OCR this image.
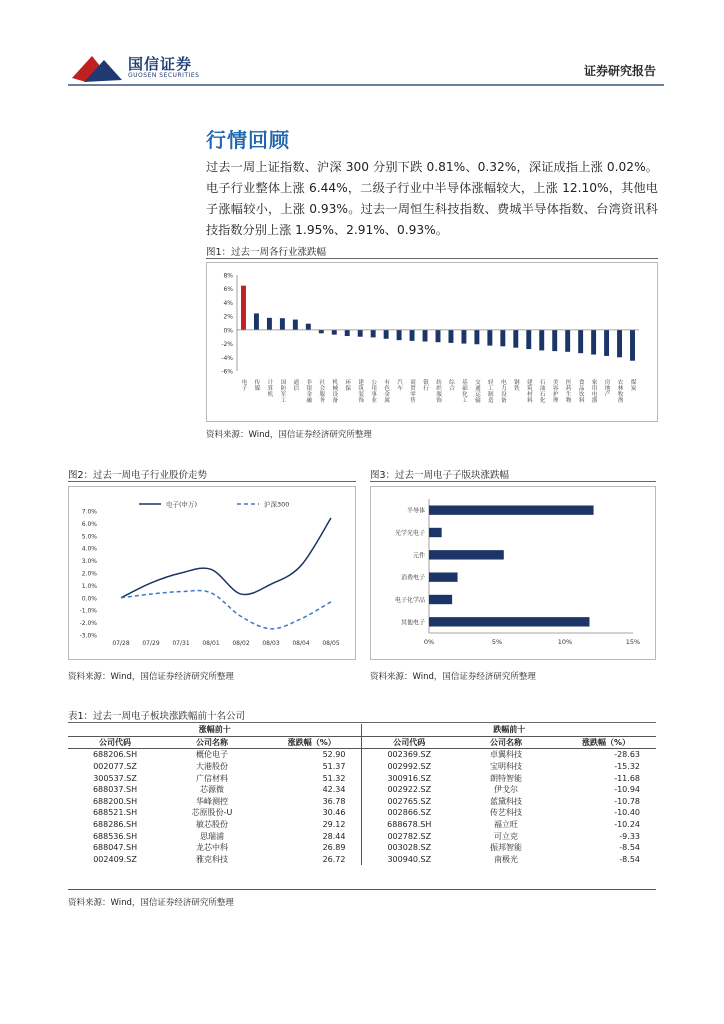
国信证券
GUOSEN SECURITIES	证券研究报告
行情回顾
过去一周上证指数、沪深 300 分别下跌 0.81%、0.32%，深证成指上涨 0.02%。电子行业整体上涨 6.44%，二级子行业中半导体涨幅较大，上涨 12.10%，其他电子涨幅较小，上涨 0.93%。过去一周恒生科技指数、费城半导体指数、台湾资讯科技指数分别上涨 1.95%、2.91%、0.93%。
图1：过去一周各行业涨跌幅
8%
6%
4%
2%
0%
-2%
-4%
-6%
电子 传媒 计算机 国防军工 通信 非银金融 社会服务 机械设备 环保 建筑装饰 公用事业 有色金属 汽车 商贸零售 银行 纺织服饰 综合 基础化工 交通运输 轻工制造 电力设备 钢铁 建筑材料 石油石化 美容护理 医药生物 食品饮料 家用电器 房地产 农林牧渔 煤炭
资料来源：Wind，国信证券经济研究所整理
图2：过去一周电子行业股价走势
电子(申万)	沪深300
7.0%
6.0%
5.0%
4.0%
3.0%
2.0%
1.0%
0.0%
-1.0%
-2.0%
-3.0%
07/28 07/29 07/31 08/01 08/02 08/03 08/04 08/05
资料来源：Wind，国信证券经济研究所整理
图3：过去一周电子子版块涨跌幅
半导体
光学光电子
元件
消费电子
电子化学品
其他电子
0%	5%	10%	15%
资料来源：Wind，国信证券经济研究所整理
表1：过去一周电子板块涨跌幅前十名公司
涨幅前十			跌幅前十		
公司代码	公司名称	涨跌幅（%）	公司代码	公司名称	涨跌幅（%）
688206.SH	概伦电子	52.90	002369.SZ	卓翼科技	-28.63
002077.SZ	大港股份	51.37	002992.SZ	宝明科技	-15.32
300537.SZ	广信材料	51.32	300916.SZ	朗特智能	-11.68
688037.SH	芯源微	42.34	002922.SZ	伊戈尔	-10.94
688200.SH	华峰测控	36.78	002765.SZ	蓝黛科技	-10.78
688521.SH	芯原股份-U	30.46	002866.SZ	传艺科技	-10.40
688286.SH	敏芯股份	29.12	688678.SH	福立旺	-10.24
688536.SH	思瑞浦	28.44	002782.SZ	可立克	-9.33
688047.SH	龙芯中科	26.89	003028.SZ	振邦智能	-8.54
002409.SZ	雅克科技	26.72	300940.SZ	南极光	-8.54
资料来源：Wind，国信证券经济研究所整理
